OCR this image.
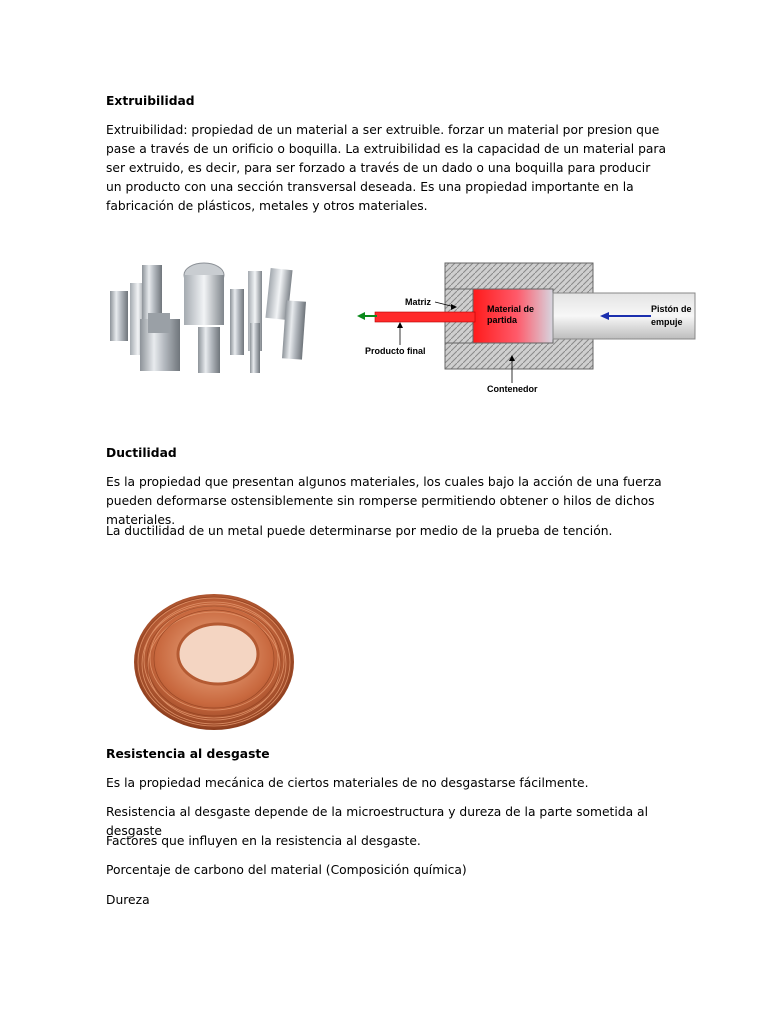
Extruibilidad

Extruibilidad: propiedad de un material a ser extruible. forzar un material por presion que pase a través de un orificio o boquilla. La extruibilidad es la capacidad de un material para ser extruido, es decir, para ser forzado a través de un dado o una boquilla para producir un producto con una sección transversal deseada. Es una propiedad importante en la fabricación de plásticos, metales y otros materiales.

Matriz
Material de
partida
Pistón de
empuje
Producto final
Contenedor
Ductilidad

Es la propiedad que presentan algunos materiales, los cuales bajo la acción de una fuerza pueden deformarse ostensiblemente sin romperse permitiendo obtener o hilos de dichos materiales.

La ductilidad de un metal puede determinarse por medio de la prueba de tención.

Resistencia al desgaste

Es la propiedad mecánica de ciertos materiales de no desgastarse fácilmente.

Resistencia al desgaste depende de la microestructura y dureza de la parte sometida al desgaste

Factores que influyen en la resistencia al desgaste.

Porcentaje de carbono del material (Composición química)

Dureza
